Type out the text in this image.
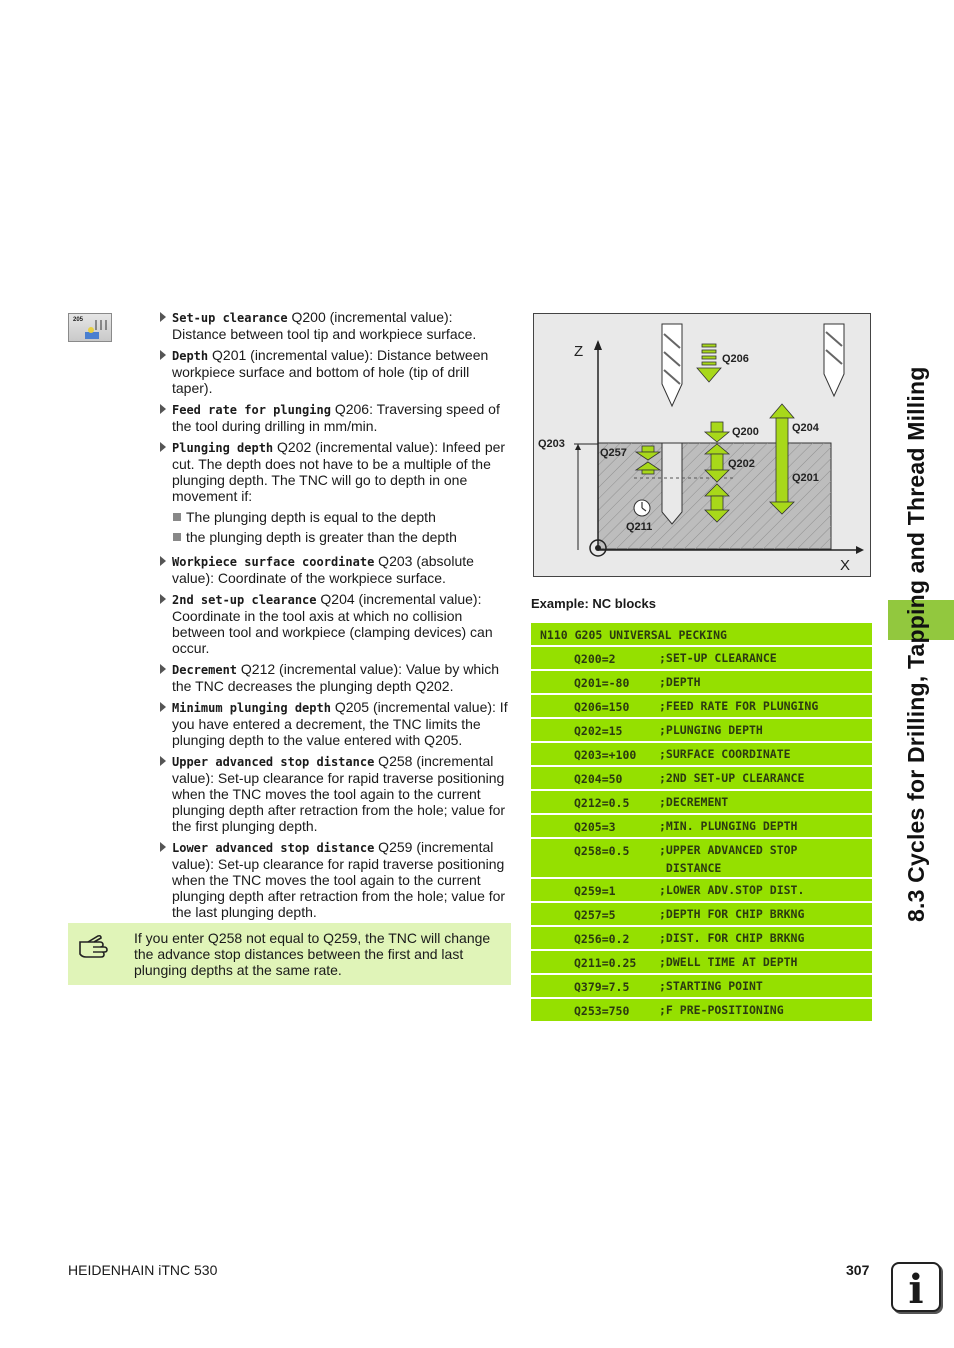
8.3 Cycles for Drilling, Tapping and Thread Milling
205	Set-up clearance Q200 (incremental value): Distance between tool tip and workpiece surface.
Depth Q201 (incremental value): Distance between workpiece surface and bottom of hole (tip of drill taper).
Feed rate for plunging Q206: Traversing speed of the tool during drilling in mm/min.
Plunging depth Q202 (incremental value): Infeed per cut. The depth does not have to be a multiple of the plunging depth. The TNC will go to depth in one movement if:
The plunging depth is equal to the depth
the plunging depth is greater than the depth
Workpiece surface coordinate Q203 (absolute value): Coordinate of the workpiece surface.
2nd set-up clearance Q204 (incremental value): Coordinate in the tool axis at which no collision between tool and workpiece (clamping devices) can occur.
Decrement Q212 (incremental value): Value by which the TNC decreases the plunging depth Q202.
Minimum plunging depth Q205 (incremental value): If you have entered a decrement, the TNC limits the plunging depth to the value entered with Q205.
Upper advanced stop distance Q258 (incremental value): Set-up clearance for rapid traverse positioning when the TNC moves the tool again to the current plunging depth after retraction from the hole; value for the first plunging depth.
Lower advanced stop distance Q259 (incremental value): Set-up clearance for rapid traverse positioning when the TNC moves the tool again to the current plunging depth after retraction from the hole; value for the last plunging depth.
If you enter Q258 not equal to Q259, the TNC will change the advance stop distances between the first and last plunging depths at the same rate.
Z
X
Q206
Q200	Q204
Q203
Q257
Q202
Q201
Q211
Example: NC blocks
N110 G205 UNIVERSAL PECKING
Q200=2	;SET-UP CLEARANCE
Q201=-80	;DEPTH
Q206=150	;FEED RATE FOR PLUNGING
Q202=15	;PLUNGING DEPTH
Q203=+100 ;SURFACE COORDINATE
Q204=50	;2ND SET-UP CLEARANCE
Q212=0.5	;DECREMENT
Q205=3	;MIN. PLUNGING DEPTH
Q258=0.5	;UPPER ADVANCED STOP
DISTANCE
Q259=1	;LOWER ADV.STOP DIST.
Q257=5	;DEPTH FOR CHIP BRKNG
Q256=0.2	;DIST. FOR CHIP BRKNG
Q211=0.25 ;DWELL TIME AT DEPTH
Q379=7.5	;STARTING POINT
Q253=750	;F PRE-POSITIONING
HEIDENHAIN iTNC 530	307 i
